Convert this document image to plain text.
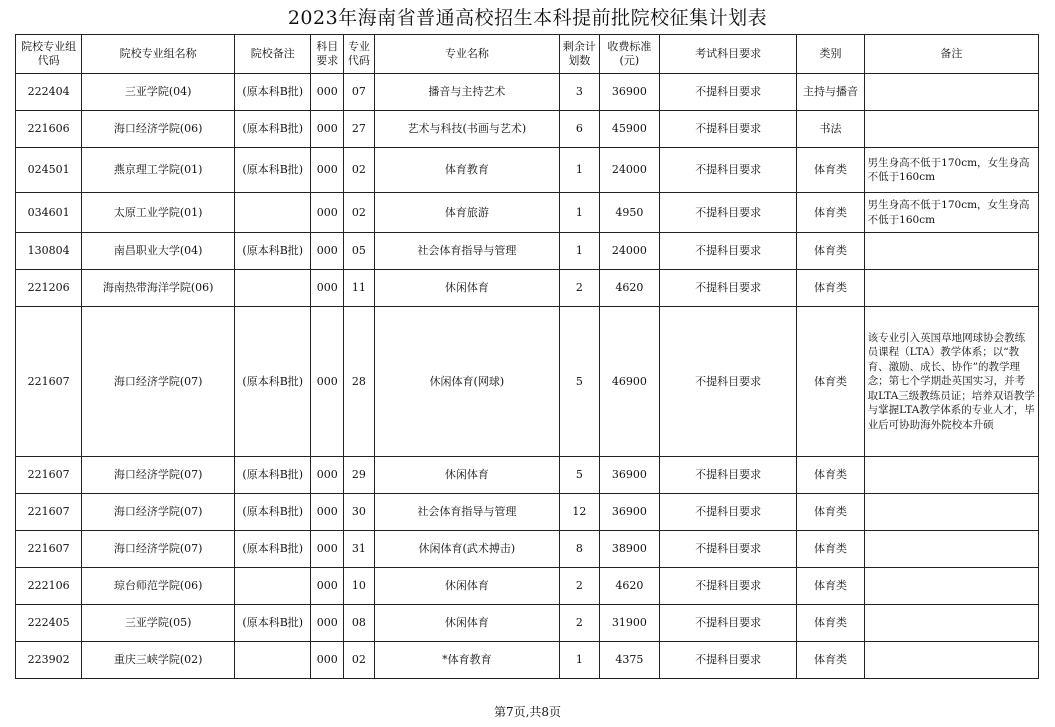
2023年海南省普通高校招生本科提前批院校征集计划表
院校专业组代码	院校专业组名称	院校备注	科目要求	专业代码	专业名称	剩余计划数	收费标准(元)	考试科目要求	类别	备注
222404	三亚学院(04)	(原本科B批)	000	07	播音与主持艺术	3	36900	不提科目要求	主持与播音	
221606	海口经济学院(06)	(原本科B批)	000	27	艺术与科技(书画与艺术)	6	45900	不提科目要求	书法	
024501	燕京理工学院(01)	(原本科B批)	000	02	体育教育	1	24000	不提科目要求	体育类	男生身高不低于170cm，女生身高不低于160cm
034601	太原工业学院(01)		000	02	体育旅游	1	4950	不提科目要求	体育类	男生身高不低于170cm，女生身高不低于160cm
130804	南昌职业大学(04)	(原本科B批)	000	05	社会体育指导与管理	1	24000	不提科目要求	体育类	
221206	海南热带海洋学院(06)		000	11	休闲体育	2	4620	不提科目要求	体育类	
221607	海口经济学院(07)	(原本科B批)	000	28	休闲体育(网球)	5	46900	不提科目要求	体育类	该专业引入英国草地网球协会教练员课程（LTA）教学体系；以“教育、激励、成长、协作”的教学理念；第七个学期赴英国实习，并考取LTA三级教练员证；培养双语教学与掌握LTA教学体系的专业人才，毕业后可协助海外院校本升硕
221607	海口经济学院(07)	(原本科B批)	000	29	休闲体育	5	36900	不提科目要求	体育类	
221607	海口经济学院(07)	(原本科B批)	000	30	社会体育指导与管理	12	36900	不提科目要求	体育类	
221607	海口经济学院(07)	(原本科B批)	000	31	休闲体育(武术搏击)	8	38900	不提科目要求	体育类	
222106	琼台师范学院(06)		000	10	休闲体育	2	4620	不提科目要求	体育类	
222405	三亚学院(05)	(原本科B批)	000	08	休闲体育	2	31900	不提科目要求	体育类	
223902	重庆三峡学院(02)		000	02	*体育教育	1	4375	不提科目要求	体育类	
第7页,共8页
